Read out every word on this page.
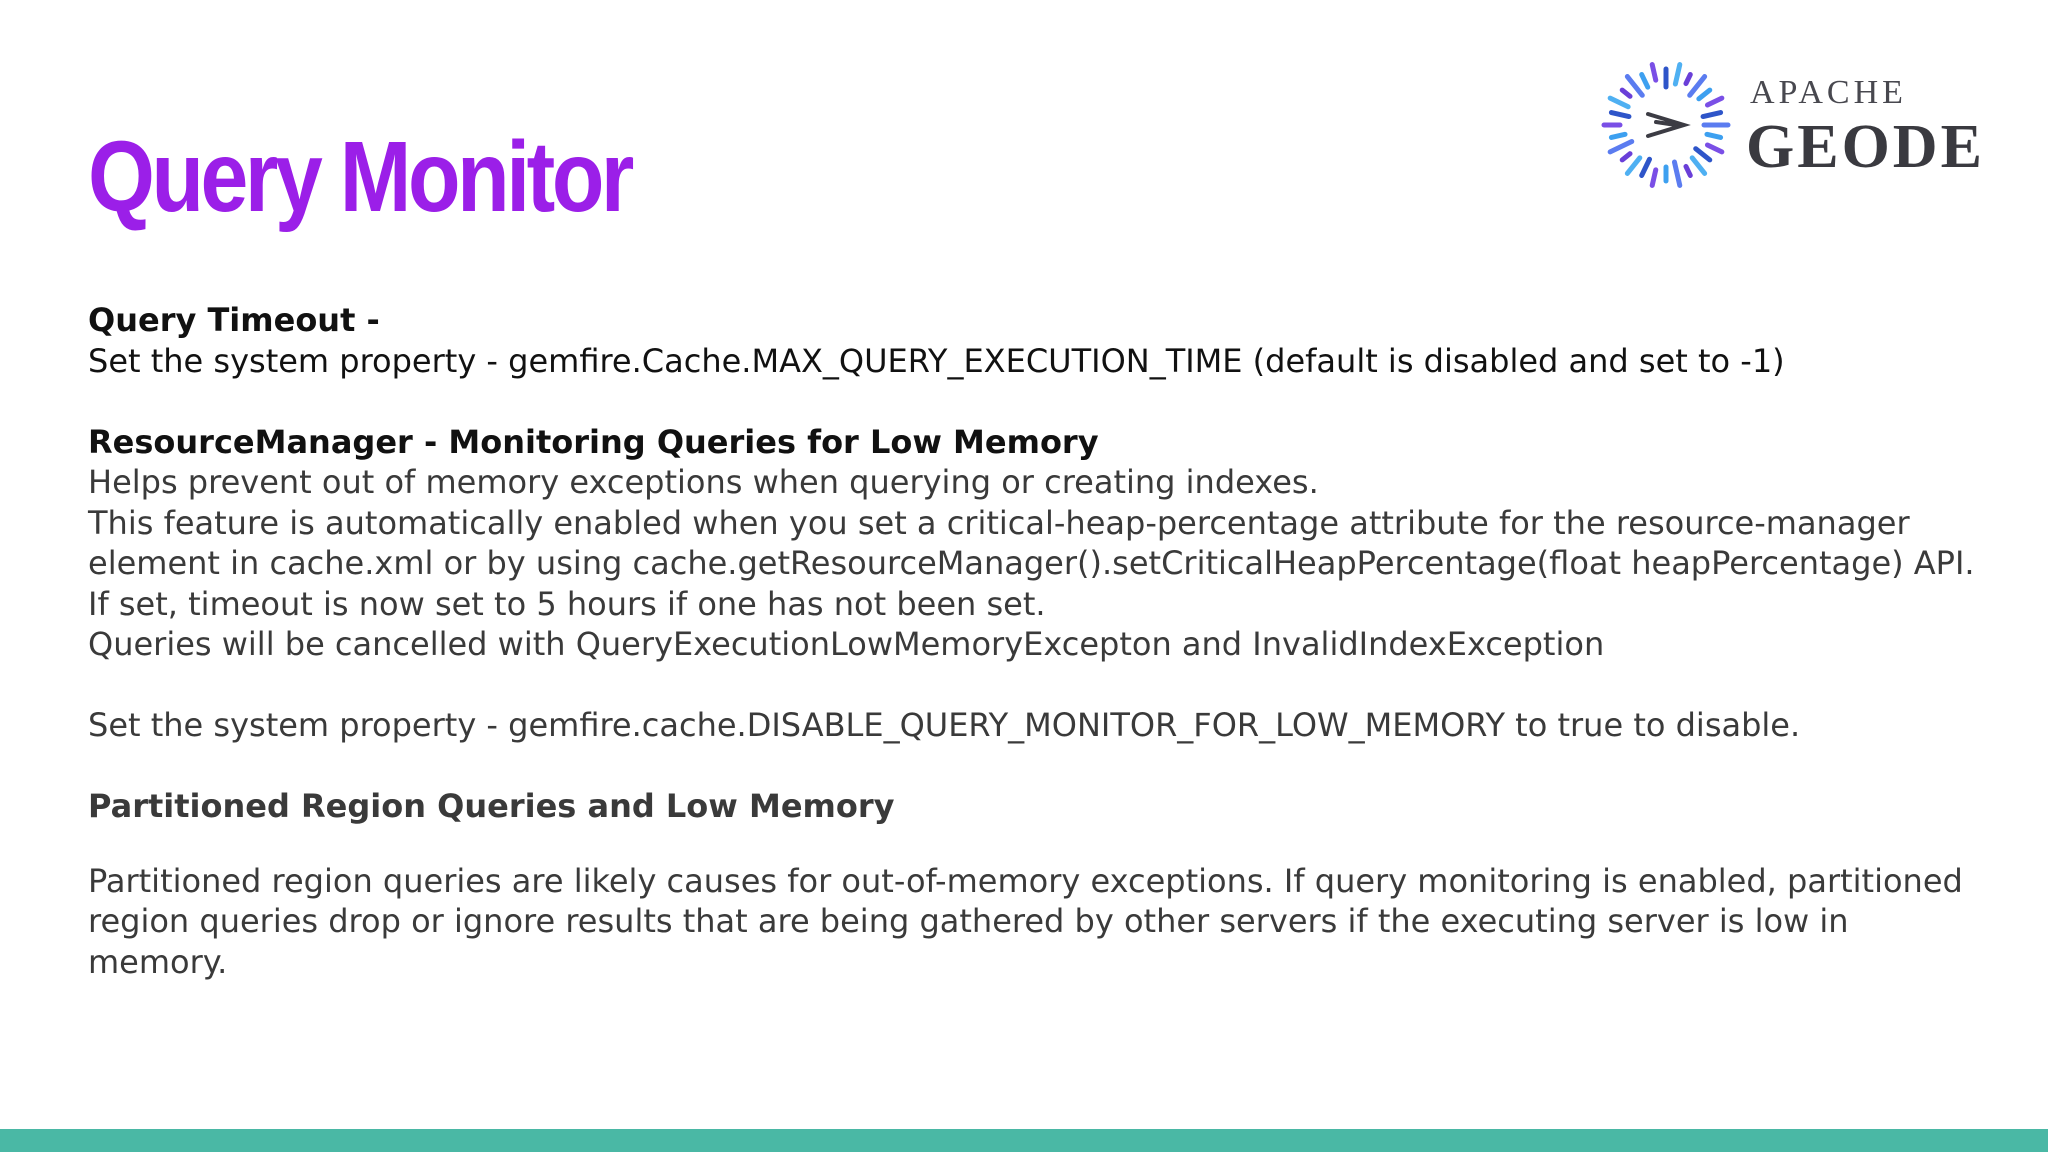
Query Monitor
APACHE
GEODE

Query Timeout -

Set the system property - gemfire.Cache.MAX_QUERY_EXECUTION_TIME (default is disabled and set to -1)

ResourceManager - Monitoring Queries for Low Memory

Helps prevent out of memory exceptions when querying or creating indexes.

This feature is automatically enabled when you set a critical-heap-percentage attribute for the resource-manager

element in cache.xml or by using cache.getResourceManager().setCriticalHeapPercentage(float heapPercentage) API.

If set, timeout is now set to 5 hours if one has not been set.

Queries will be cancelled with QueryExecutionLowMemoryExcepton and InvalidIndexException

Set the system property - gemfire.cache.DISABLE_QUERY_MONITOR_FOR_LOW_MEMORY to true to disable.

Partitioned Region Queries and Low Memory

Partitioned region queries are likely causes for out-of-memory exceptions. If query monitoring is enabled, partitioned region queries drop or ignore results that are being gathered by other servers if the executing server is low in memory.
